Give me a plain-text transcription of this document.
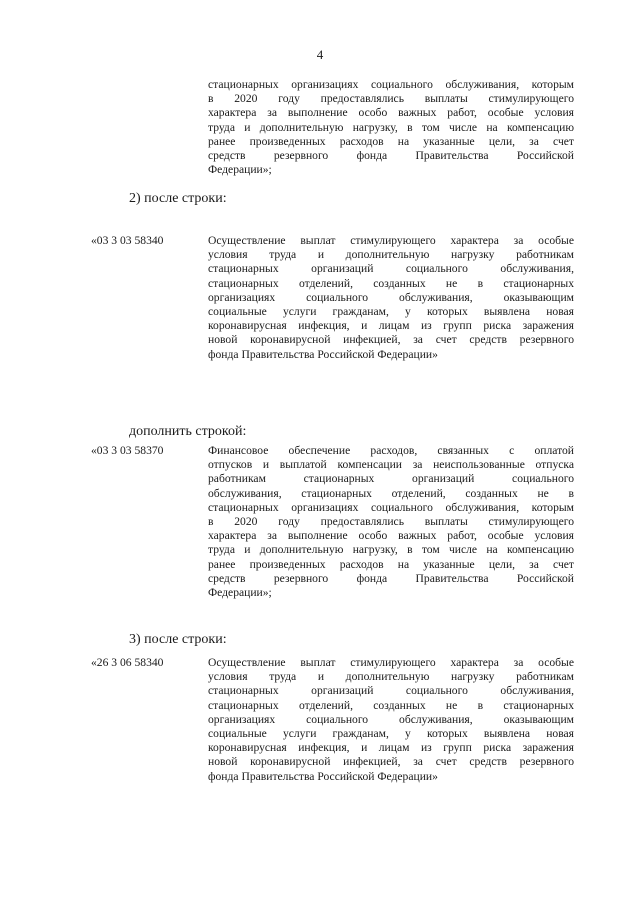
4
стационарных организациях социального обслуживания, которым
в 2020 году предоставлялись выплаты стимулирующего
характера за выполнение особо важных работ, особые условия
труда и дополнительную нагрузку, в том числе на компенсацию
ранее произведенных расходов на указанные цели, за счет
средств резервного фонда Правительства Российской
Федерации»;
2) после строки:
«03 3 03 58340	Осуществление выплат стимулирующего характера за особые
условия труда и дополнительную нагрузку работникам
стационарных организаций социального обслуживания,
стационарных отделений, созданных не в стационарных
организациях социального обслуживания, оказывающим
социальные услуги гражданам, у которых выявлена новая
коронавирусная инфекция, и лицам из групп риска заражения
новой коронавирусной инфекцией, за счет средств резервного
фонда Правительства Российской Федерации»
дополнить строкой:
«03 3 03 58370	Финансовое обеспечение расходов, связанных с оплатой
отпусков и выплатой компенсации за неиспользованные отпуска
работникам стационарных организаций социального
обслуживания, стационарных отделений, созданных не в
стационарных организациях социального обслуживания, которым
в 2020 году предоставлялись выплаты стимулирующего
характера за выполнение особо важных работ, особые условия
труда и дополнительную нагрузку, в том числе на компенсацию
ранее произведенных расходов на указанные цели, за счет
средств резервного фонда Правительства Российской
Федерации»;
3) после строки:
«26 3 06 58340	Осуществление выплат стимулирующего характера за особые
условия труда и дополнительную нагрузку работникам
стационарных организаций социального обслуживания,
стационарных отделений, созданных не в стационарных
организациях социального обслуживания, оказывающим
социальные услуги гражданам, у которых выявлена новая
коронавирусная инфекция, и лицам из групп риска заражения
новой коронавирусной инфекцией, за счет средств резервного
фонда Правительства Российской Федерации»
